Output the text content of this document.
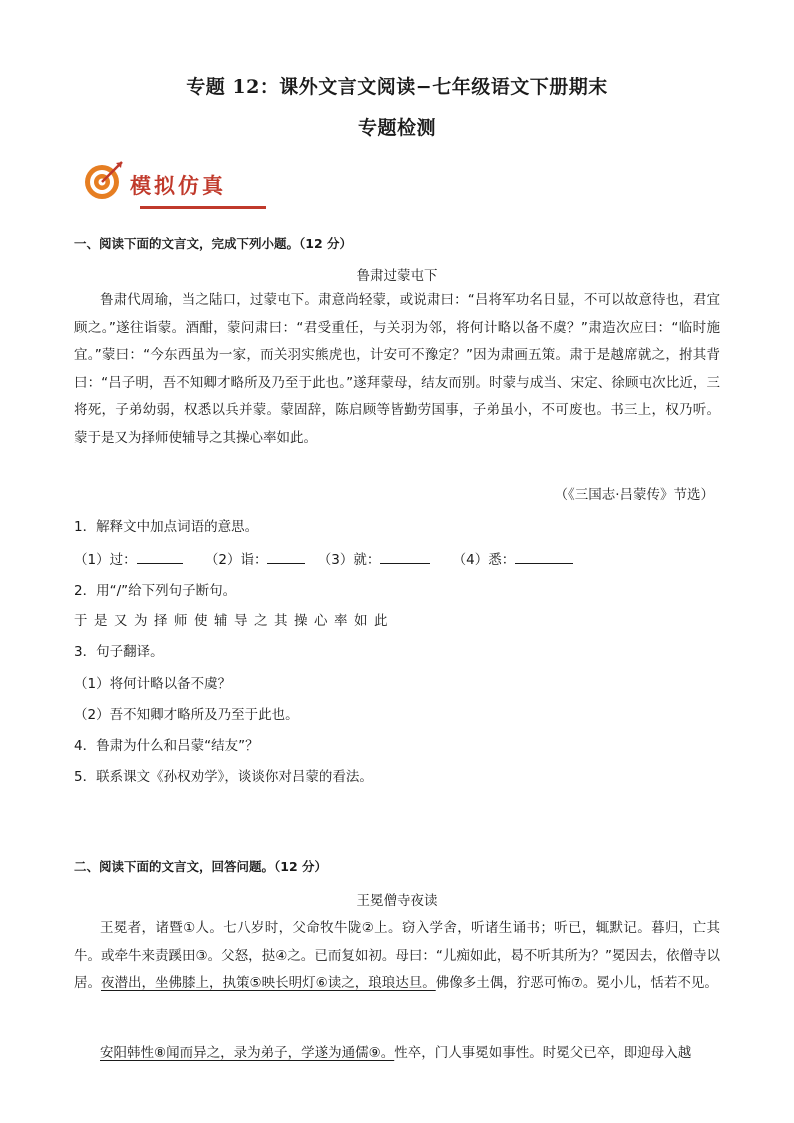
专题 12：课外文言文阅读−七年级语文下册期末
专题检测
模拟仿真
一、阅读下面的文言文，完成下列小题。（12 分）
鲁肃过蒙屯下

鲁肃代周瑜，当之陆口，过蒙屯下。肃意尚轻蒙，或说肃曰：“吕将军功名日显，不可以故意待也，君宜顾之。”遂往诣蒙。酒酣，蒙问肃曰：“君受重任，与关羽为邻，将何计略以备不虞？”肃造次应曰：“临时施宜。”蒙曰：“今东西虽为一家，而关羽实熊虎也，计安可不豫定？”因为肃画五策。肃于是越席就之，拊其背曰：“吕子明，吾不知卿才略所及乃至于此也。”遂拜蒙母，结友而别。时蒙与成当、宋定、徐顾屯次比近，三将死，子弟幼弱，权悉以兵并蒙。蒙固辞，陈启顾等皆勤劳国事，子弟虽小，不可废也。书三上，权乃听。蒙于是又为择师使辅导之其操心率如此。

（《三国志·吕蒙传》节选）
1．解释文中加点词语的意思。
（1）过：	（2）诣：	（3）就：	（4）悉：
2．用“/”给下列句子断句。
于是又为择师使辅导之其操心率如此
3．句子翻译。
（1）将何计略以备不虞？
（2）吾不知卿才略所及乃至于此也。
4．鲁肃为什么和吕蒙“结友”？
5．联系课文《孙权劝学》，谈谈你对吕蒙的看法。
二、阅读下面的文言文，回答问题。（12 分）
王冕僧寺夜读

王冕者，诸暨①人。七八岁时，父命牧牛陇②上。窃入学舍，听诸生诵书；听已，辄默记。暮归，亡其牛。或牵牛来责蹊田③。父怒，挞④之。已而复如初。母曰：“儿痴如此，曷不听其所为？”冕因去，依僧寺以居。夜潜出，坐佛膝上，执策⑤映长明灯⑥读之，琅琅达旦。佛像多土偶，狞恶可怖⑦。冕小儿，恬若不见。

安阳韩性⑧闻而异之，录为弟子，学遂为通儒⑨。性卒，门人事冕如事性。时冕父已卒，即迎母入越
